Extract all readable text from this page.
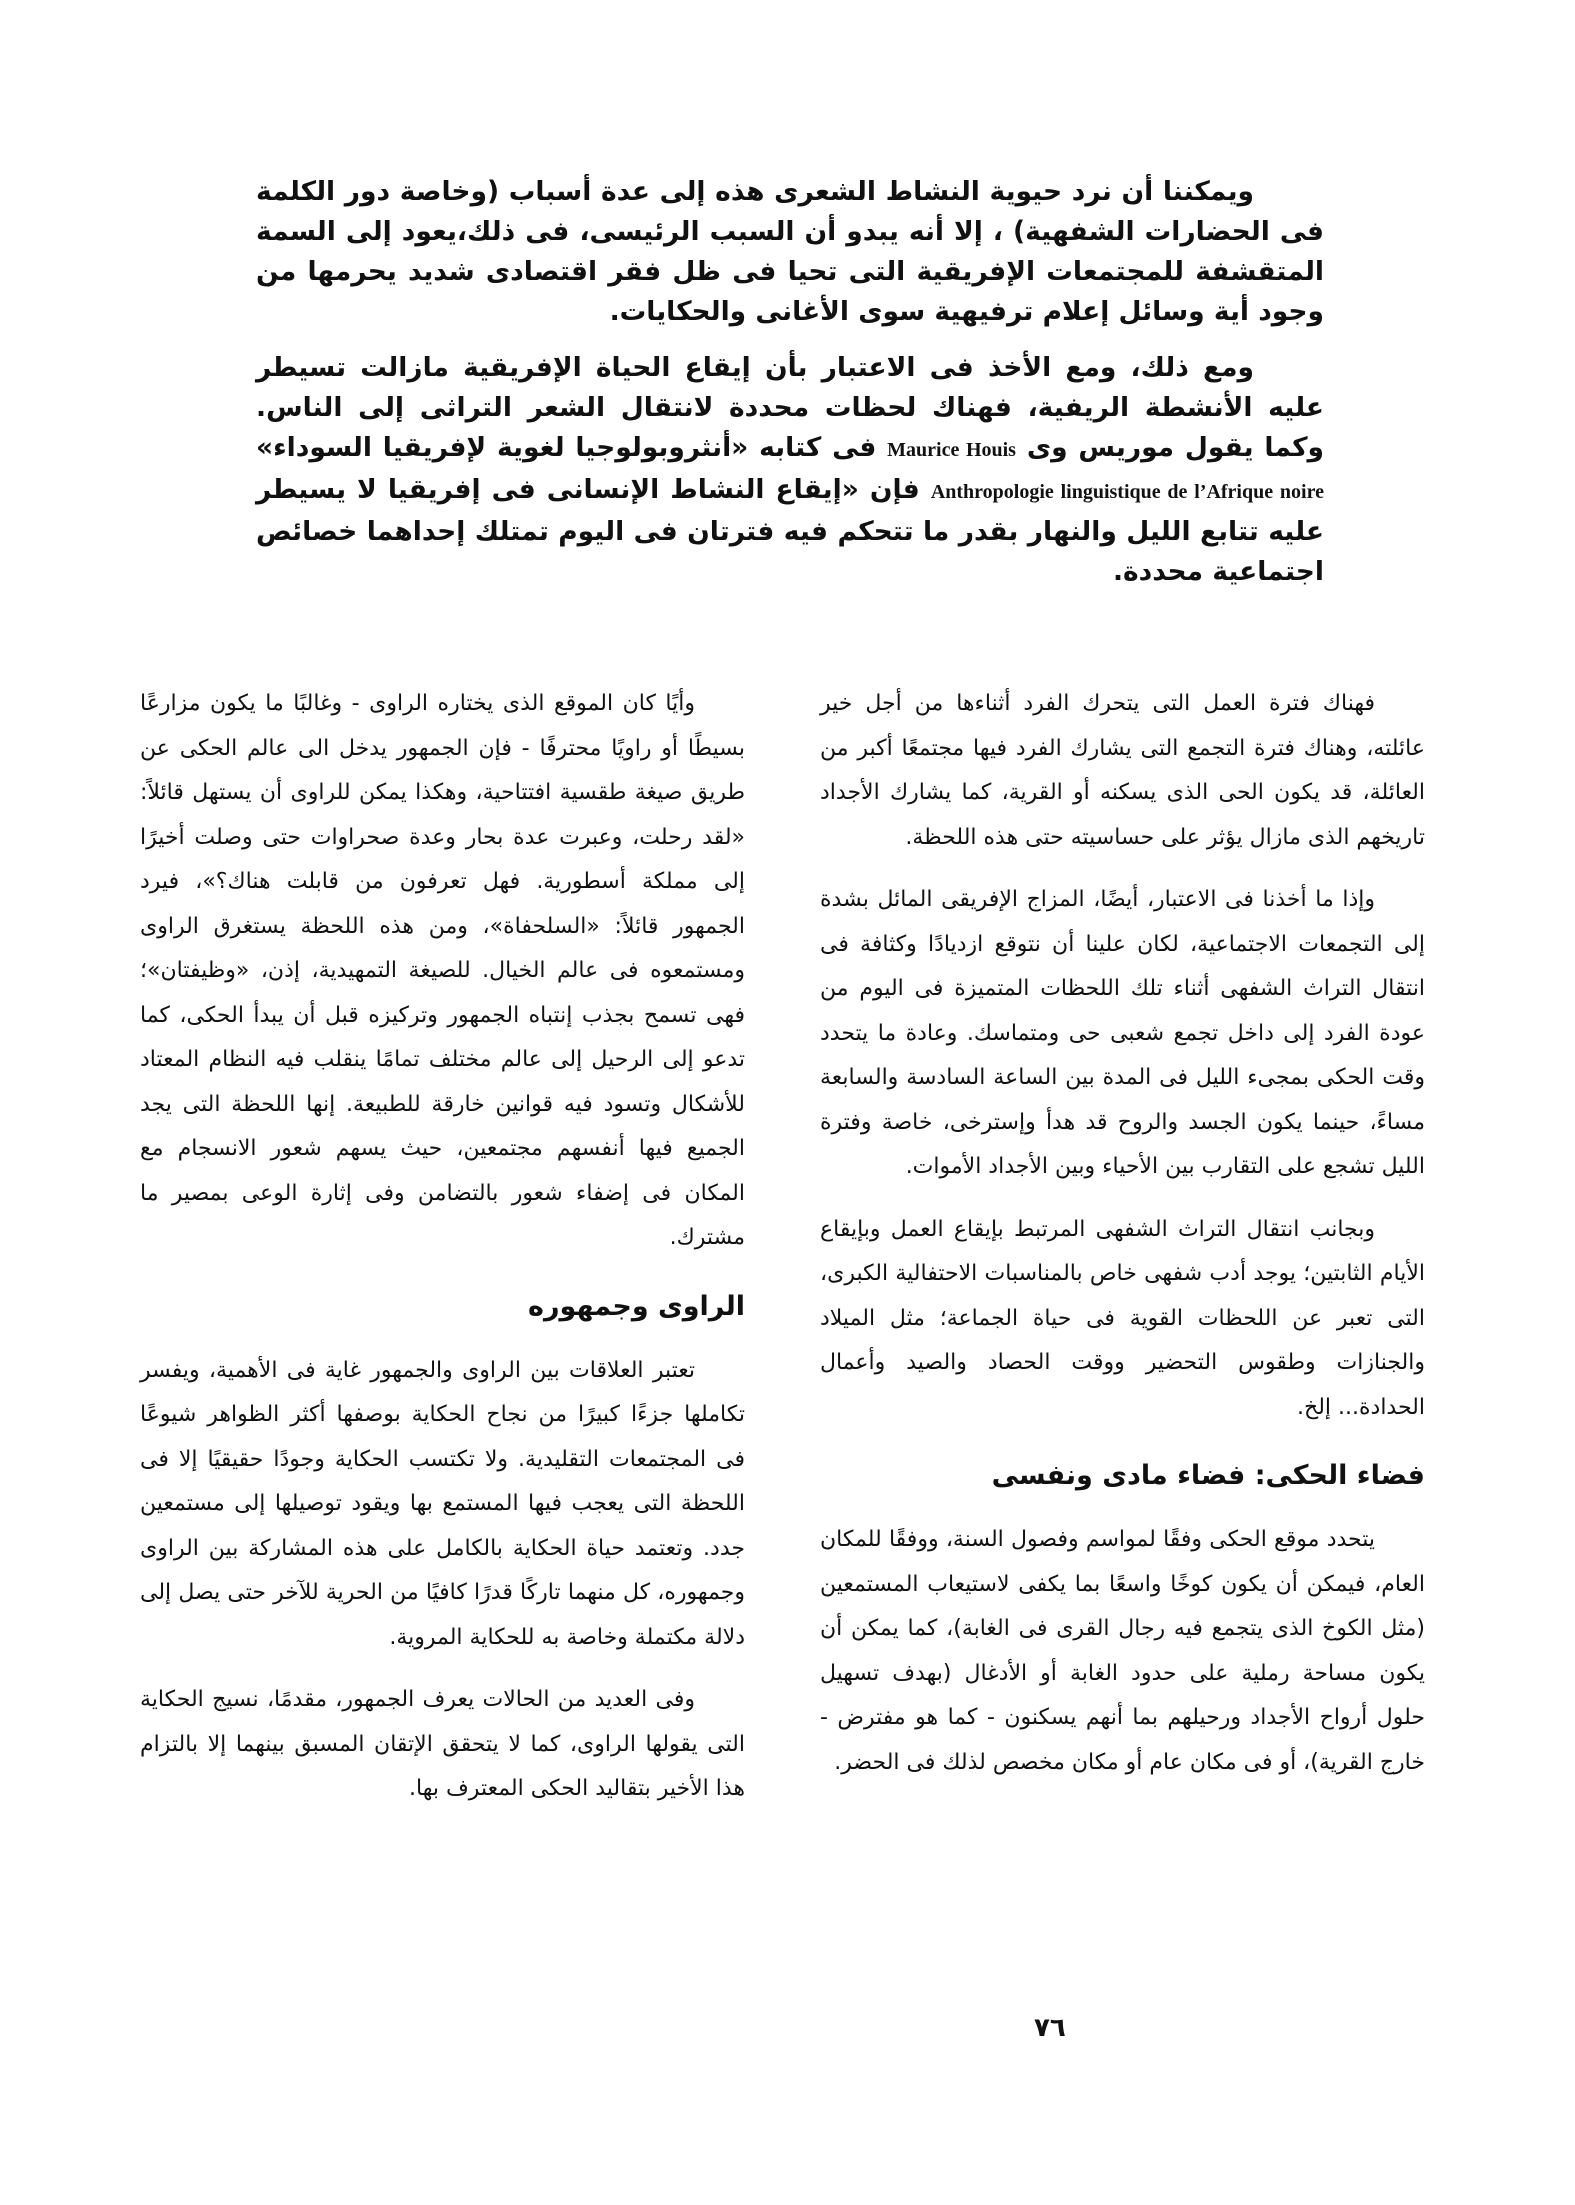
ويمكننا أن نرد حيوية النشاط الشعرى هذه إلى عدة أسباب (وخاصة دور الكلمة فى الحضارات الشفهية) ، إلا أنه يبدو أن السبب الرئيسى، فى ذلك،يعود إلى السمة المتقشفة للمجتمعات الإفريقية التى تحيا فى ظل فقر اقتصادى شديد يحرمها من وجود أية وسائل إعلام ترفيهية سوى الأغانى والحكايات.

ومع ذلك، ومع الأخذ فى الاعتبار بأن إيقاع الحياة الإفريقية مازالت تسيطر عليه الأنشطة الريفية، فهناك لحظات محددة لانتقال الشعر التراثى إلى الناس. وكما يقول موريس وى Maurice Houis فى كتابه «أنثروبولوجيا لغوية لإفريقيا السوداء» Anthropologie linguistique de l’Afrique noire فإن «إيقاع النشاط الإنسانى فى إفريقيا لا يسيطر عليه تتابع الليل والنهار بقدر ما تتحكم فيه فترتان فى اليوم تمتلك إحداهما خصائص اجتماعية محددة.

فهناك فترة العمل التى يتحرك الفرد أثناءها من أجل خير عائلته، وهناك فترة التجمع التى يشارك الفرد فيها مجتمعًا أكبر من العائلة، قد يكون الحى الذى يسكنه أو القرية، كما يشارك الأجداد تاريخهم الذى مازال يؤثر على حساسيته حتى هذه اللحظة.

وإذا ما أخذنا فى الاعتبار، أيضًا، المزاج الإفريقى المائل بشدة إلى التجمعات الاجتماعية، لكان علينا أن نتوقع ازديادًا وكثافة فى انتقال التراث الشفهى أثناء تلك اللحظات المتميزة فى اليوم من عودة الفرد إلى داخل تجمع شعبى حى ومتماسك. وعادة ما يتحدد وقت الحكى بمجىء الليل فى المدة بين الساعة السادسة والسابعة مساءً، حينما يكون الجسد والروح قد هدأ وإسترخى، خاصة وفترة الليل تشجع على التقارب بين الأحياء وبين الأجداد الأموات.

وبجانب انتقال التراث الشفهى المرتبط بإيقاع العمل وبإيقاع الأيام الثابتين؛ يوجد أدب شفهى خاص بالمناسبات الاحتفالية الكبرى، التى تعبر عن اللحظات القوية فى حياة الجماعة؛ مثل الميلاد والجنازات وطقوس التحضير ووقت الحصاد والصيد وأعمال الحدادة... إلخ.

فضاء الحكى: فضاء مادى ونفسى

يتحدد موقع الحكى وفقًا لمواسم وفصول السنة، ووفقًا للمكان العام، فيمكن أن يكون كوخًا واسعًا بما يكفى لاستيعاب المستمعين (مثل الكوخ الذى يتجمع فيه رجال القرى فى الغابة)، كما يمكن أن يكون مساحة رملية على حدود الغابة أو الأدغال (بهدف تسهيل حلول أرواح الأجداد ورحيلهم بما أنهم يسكنون - كما هو مفترض - خارج القرية)، أو فى مكان عام أو مكان مخصص لذلك فى الحضر.

وأيًا كان الموقع الذى يختاره الراوى - وغالبًا ما يكون مزارعًا بسيطًا أو راويًا محترفًا - فإن الجمهور يدخل الى عالم الحكى عن طريق صيغة طقسية افتتاحية، وهكذا يمكن للراوى أن يستهل قائلاً: «لقد رحلت، وعبرت عدة بحار وعدة صحراوات حتى وصلت أخيرًا إلى مملكة أسطورية. فهل تعرفون من قابلت هناك؟»، فيرد الجمهور قائلاً: «السلحفاة»، ومن هذه اللحظة يستغرق الراوى ومستمعوه فى عالم الخيال. للصيغة التمهيدية، إذن، «وظيفتان»؛ فهى تسمح بجذب إنتباه الجمهور وتركيزه قبل أن يبدأ الحكى، كما تدعو إلى الرحيل إلى عالم مختلف تمامًا ينقلب فيه النظام المعتاد للأشكال وتسود فيه قوانين خارقة للطبيعة. إنها اللحظة التى يجد الجميع فيها أنفسهم مجتمعين، حيث يسهم شعور الانسجام مع المكان فى إضفاء شعور بالتضامن وفى إثارة الوعى بمصير ما مشترك.

الراوى وجمهوره

تعتبر العلاقات بين الراوى والجمهور غاية فى الأهمية، ويفسر تكاملها جزءًا كبيرًا من نجاح الحكاية بوصفها أكثر الظواهر شيوعًا فى المجتمعات التقليدية. ولا تكتسب الحكاية وجودًا حقيقيًا إلا فى اللحظة التى يعجب فيها المستمع بها ويقود توصيلها إلى مستمعين جدد. وتعتمد حياة الحكاية بالكامل على هذه المشاركة بين الراوى وجمهوره، كل منهما تاركًا قدرًا كافيًا من الحرية للآخر حتى يصل إلى دلالة مكتملة وخاصة به للحكاية المروية.

وفى العديد من الحالات يعرف الجمهور، مقدمًا، نسيج الحكاية التى يقولها الراوى، كما لا يتحقق الإتقان المسبق بينهما إلا بالتزام هذا الأخير بتقاليد الحكى المعترف بها.

٧٦
